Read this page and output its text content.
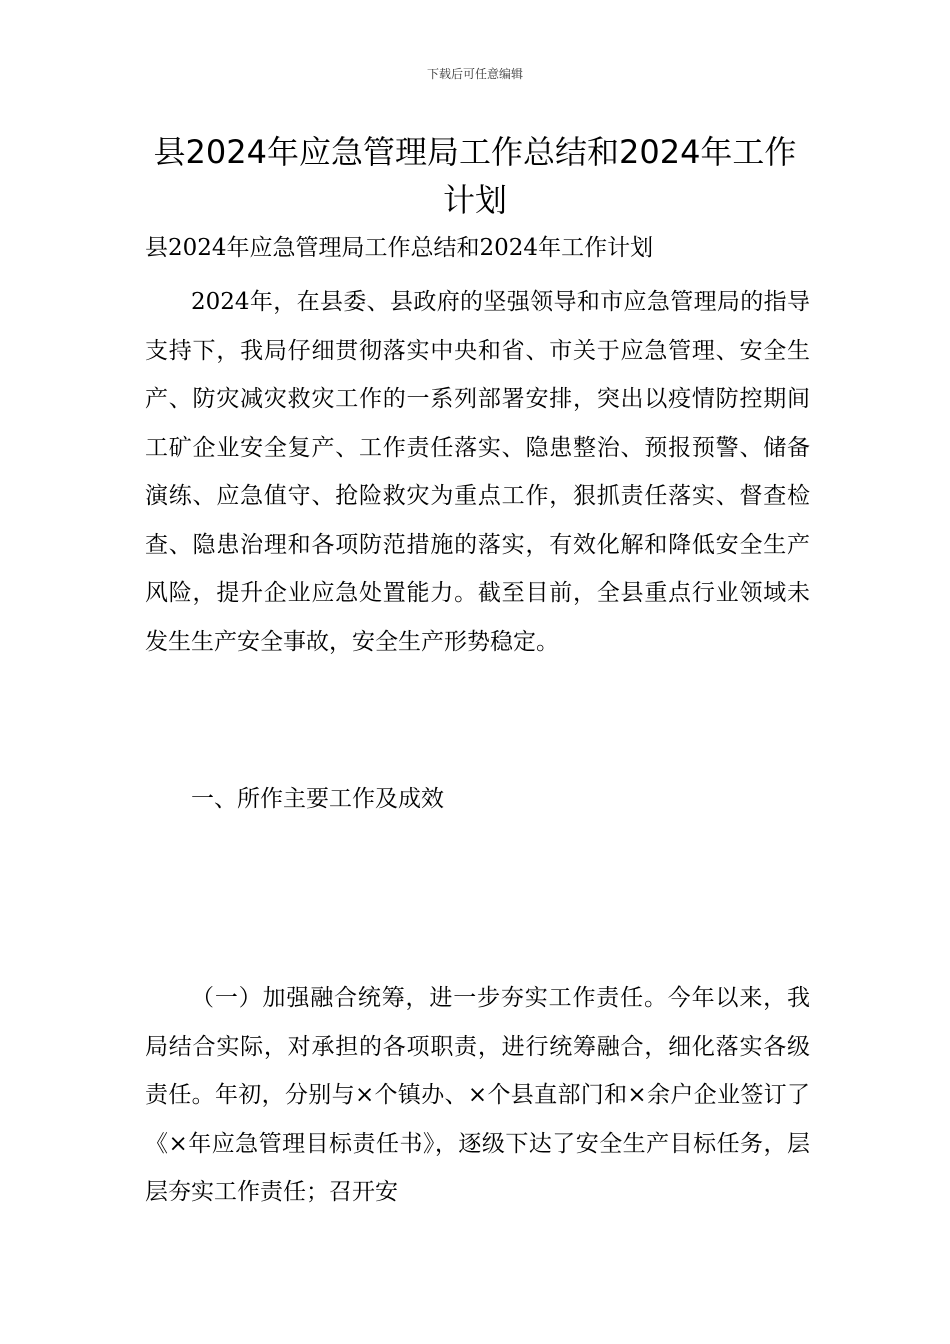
下载后可任意编辑
县2024年应急管理局工作总结和2024年工作计划

县2024年应急管理局工作总结和2024年工作计划

2024年，在县委、县政府的坚强领导和市应急管理局的指导支持下，我局仔细贯彻落实中央和省、市关于应急管理、安全生产、防灾减灾救灾工作的一系列部署安排，突出以疫情防控期间工矿企业安全复产、工作责任落实、隐患整治、预报预警、储备演练、应急值守、抢险救灾为重点工作，狠抓责任落实、督查检查、隐患治理和各项防范措施的落实，有效化解和降低安全生产风险，提升企业应急处置能力。截至目前，全县重点行业领域未发生生产安全事故，安全生产形势稳定。

一、所作主要工作及成效

（一）加强融合统筹，进一步夯实工作责任。今年以来，我局结合实际，对承担的各项职责，进行统筹融合，细化落实各级责任。年初，分别与×个镇办、×个县直部门和×余户企业签订了《×年应急管理目标责任书》，逐级下达了安全生产目标任务，层层夯实工作责任；召开安
